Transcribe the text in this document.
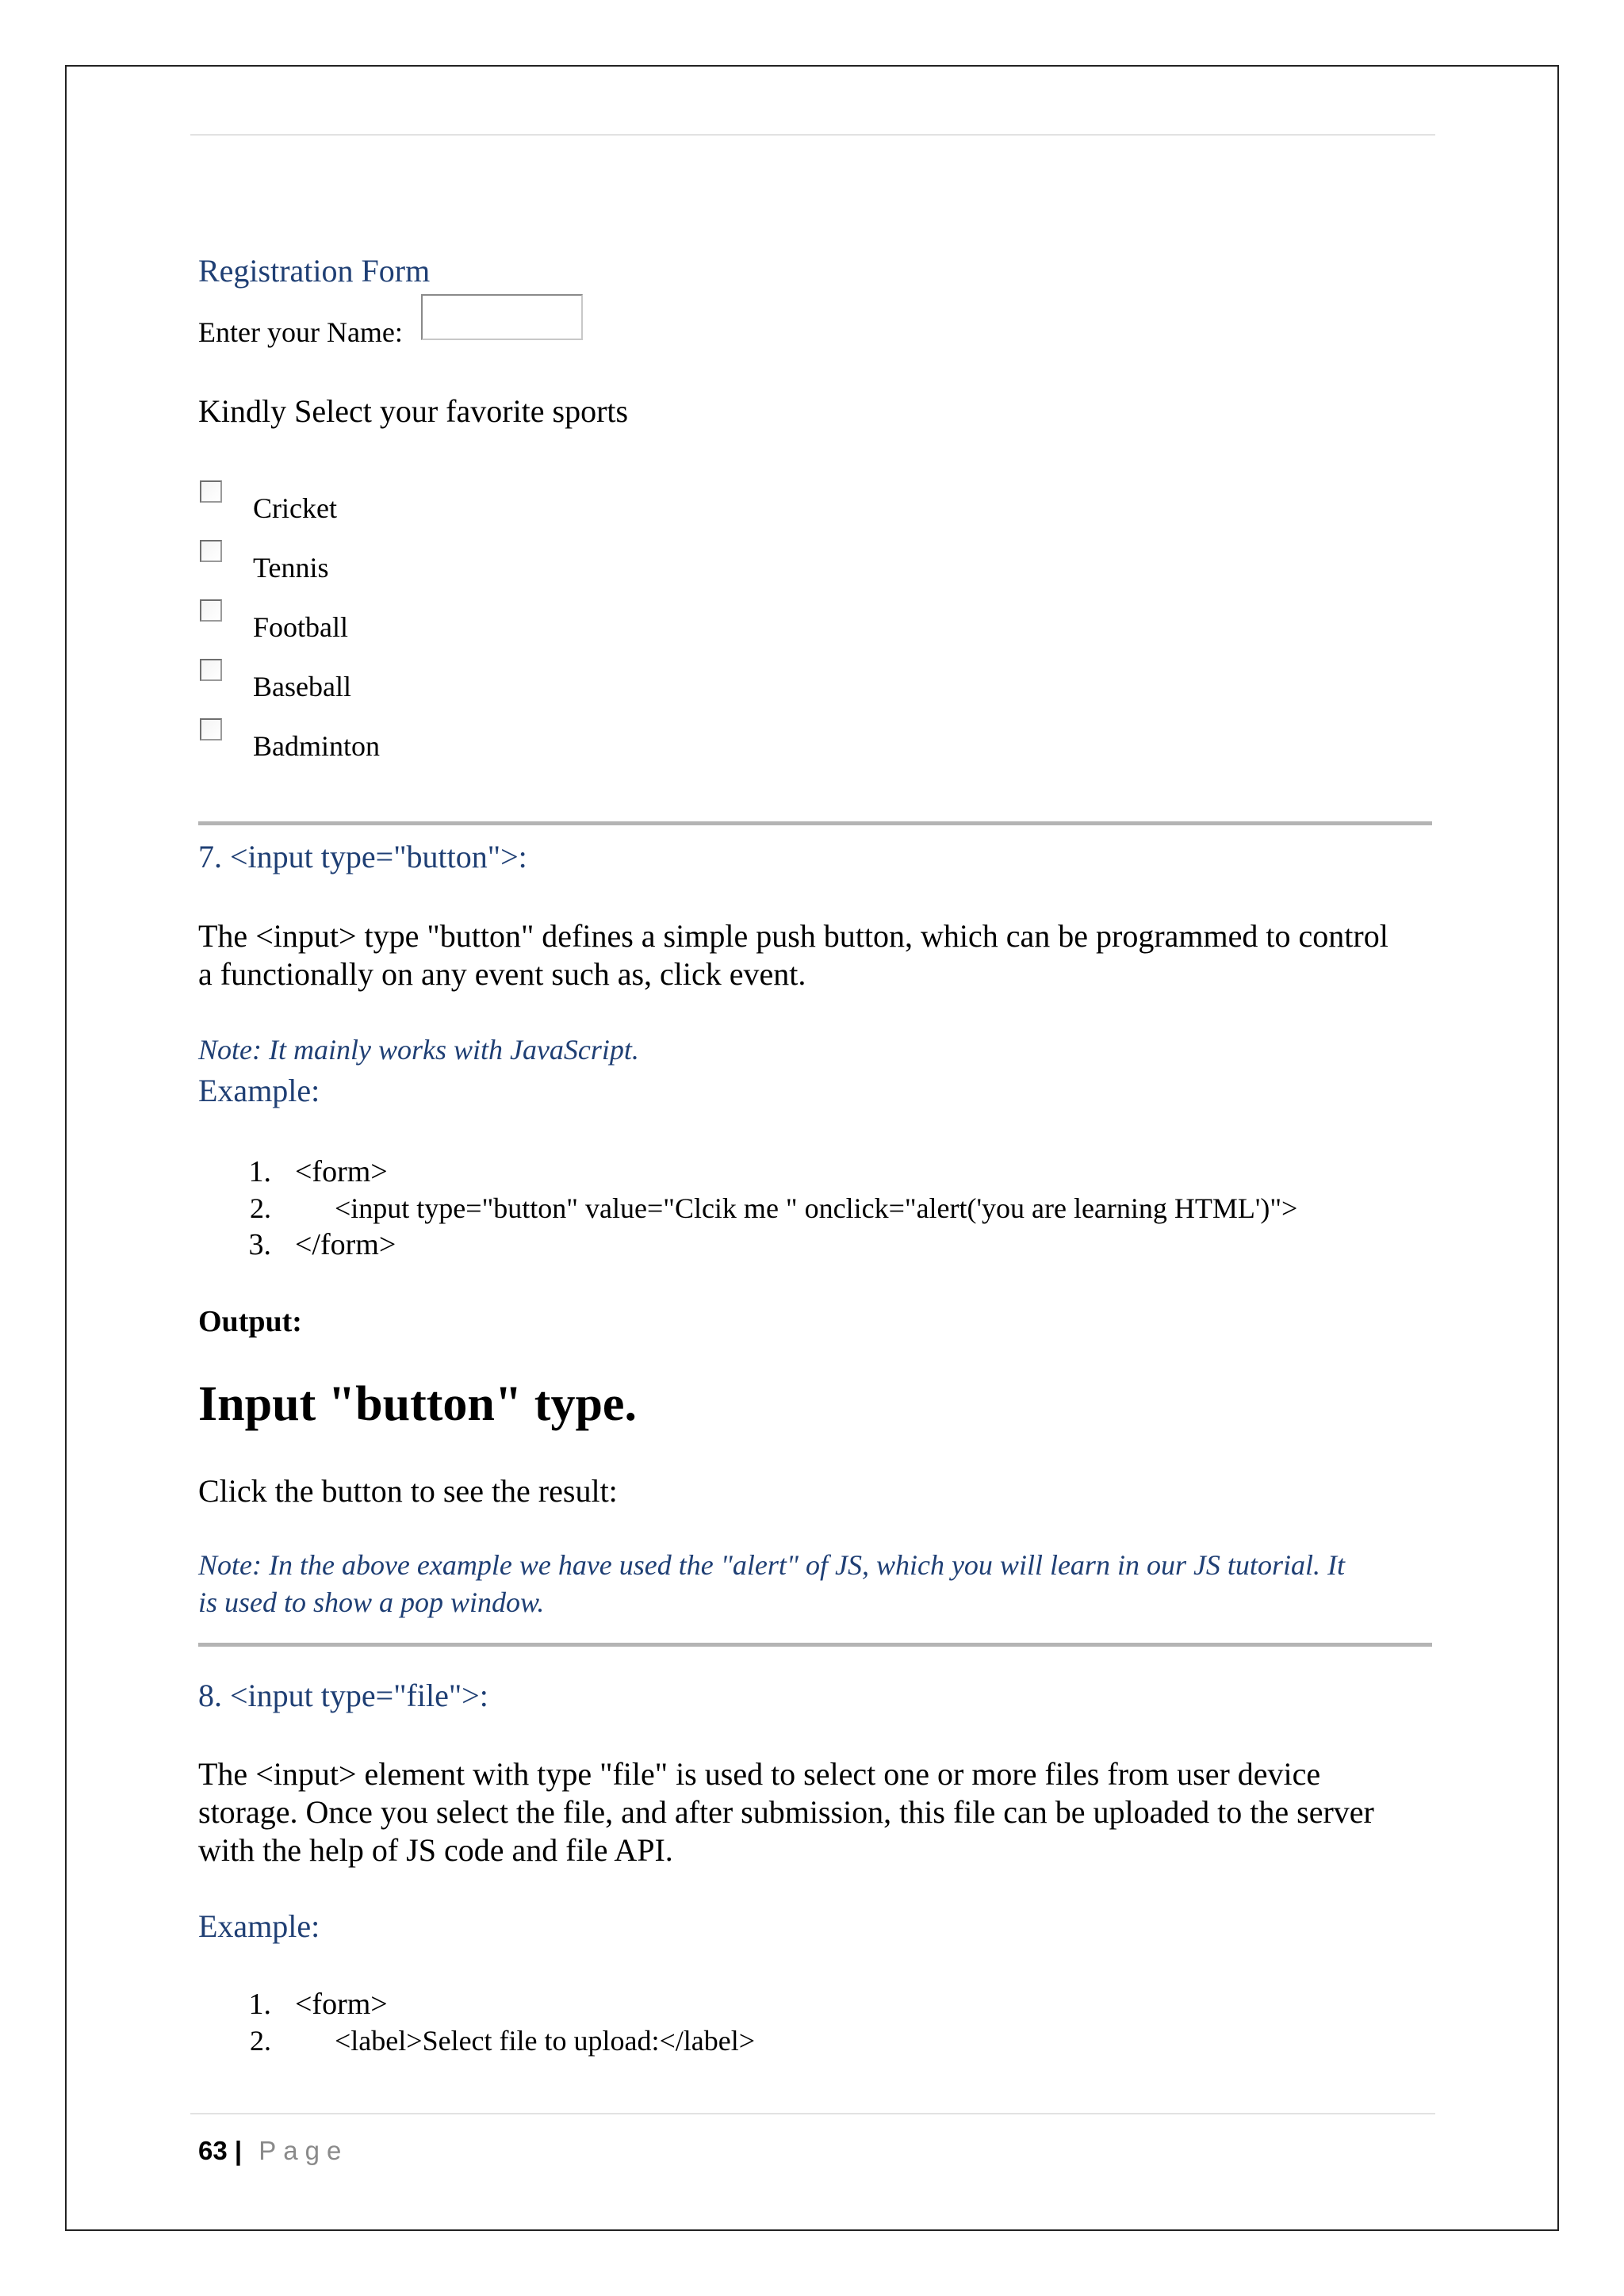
Registration Form
Enter your Name:
Kindly Select your favorite sports
Cricket
Tennis
Football
Baseball
Badminton
7. <input type="button">:
The <input> type "button" defines a simple push button, which can be programmed to control
a functionally on any event such as, click event.
Note: It mainly works with JavaScript.
Example:
1. <form>
2. <input type="button" value="Clcik me " onclick="alert('you are learning HTML')">
3. </form>
Output:
Input "button" type.
Click the button to see the result:
Note: In the above example we have used the "alert" of JS, which you will learn in our JS tutorial. It
is used to show a pop window.
8. <input type="file">:
The <input> element with type "file" is used to select one or more files from user device
storage. Once you select the file, and after submission, this file can be uploaded to the server
with the help of JS code and file API.
Example:
1. <form>
2. <label>Select file to upload:</label>
63 | Page
